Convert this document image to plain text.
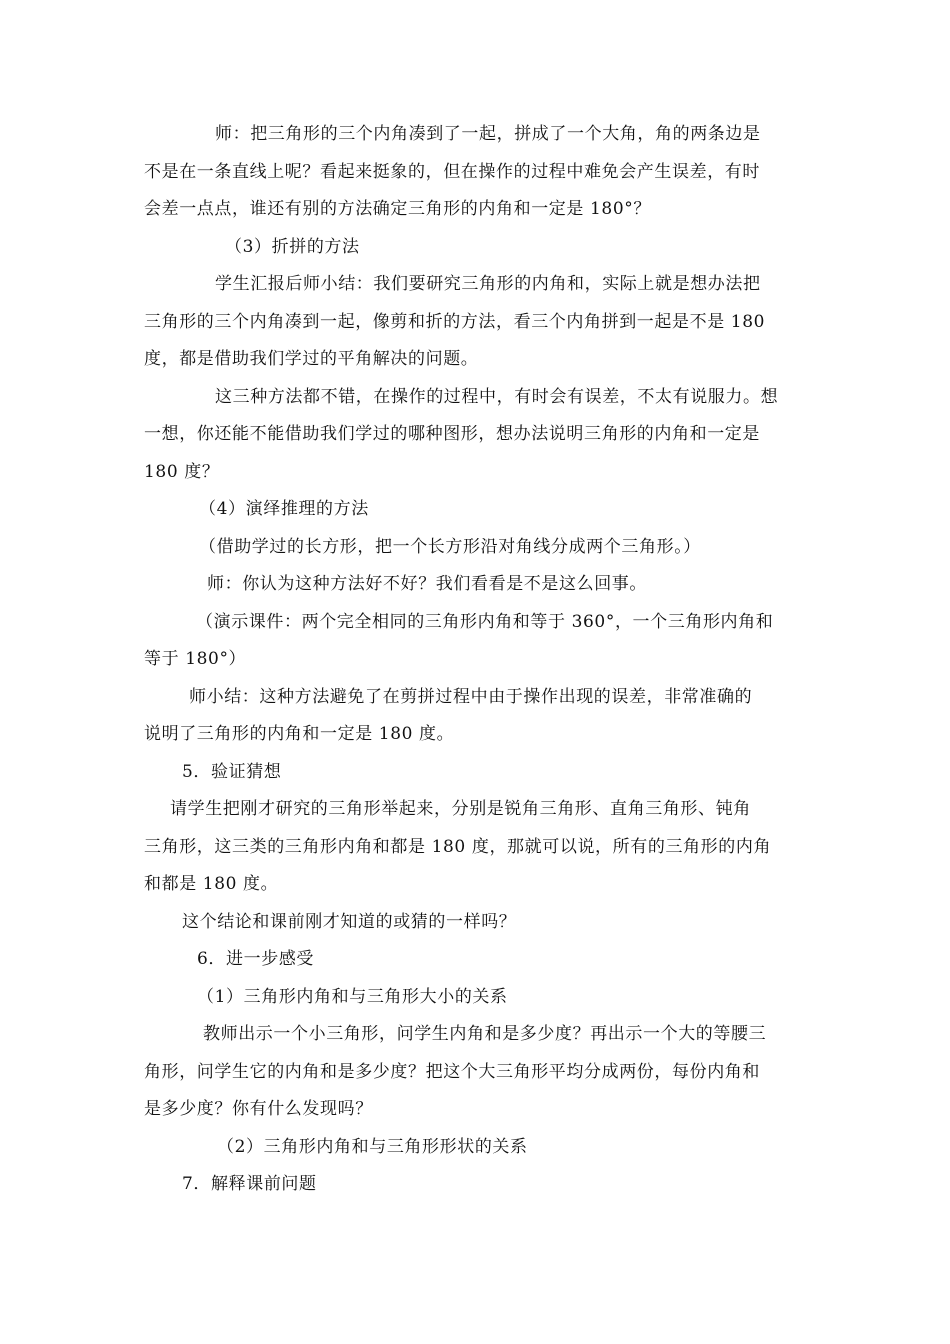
师：把三角形的三个内角凑到了一起，拼成了一个大角，角的两条边是
不是在一条直线上呢？看起来挺象的，但在操作的过程中难免会产生误差，有时
会差一点点，谁还有别的方法确定三角形的内角和一定是 180°？
（3）折拼的方法
学生汇报后师小结：我们要研究三角形的内角和，实际上就是想办法把
三角形的三个内角凑到一起，像剪和折的方法，看三个内角拼到一起是不是 180
度，都是借助我们学过的平角解决的问题。
这三种方法都不错，在操作的过程中，有时会有误差，不太有说服力。想
一想，你还能不能借助我们学过的哪种图形，想办法说明三角形的内角和一定是
180 度？
（4）演绎推理的方法
（借助学过的长方形，把一个长方形沿对角线分成两个三角形。）
师：你认为这种方法好不好？我们看看是不是这么回事。
（演示课件：两个完全相同的三角形内角和等于 360°，一个三角形内角和
等于 180°）
师小结：这种方法避免了在剪拼过程中由于操作出现的误差，非常准确的
说明了三角形的内角和一定是 180 度。
5．验证猜想
请学生把刚才研究的三角形举起来，分别是锐角三角形、直角三角形、钝角
三角形，这三类的三角形内角和都是 180 度，那就可以说，所有的三角形的内角
和都是 180 度。
这个结论和课前刚才知道的或猜的一样吗？
6．进一步感受
（1）三角形内角和与三角形大小的关系
教师出示一个小三角形，问学生内角和是多少度？再出示一个大的等腰三
角形，问学生它的内角和是多少度？把这个大三角形平均分成两份，每份内角和
是多少度？你有什么发现吗？
（2）三角形内角和与三角形形状的关系
7．解释课前问题
